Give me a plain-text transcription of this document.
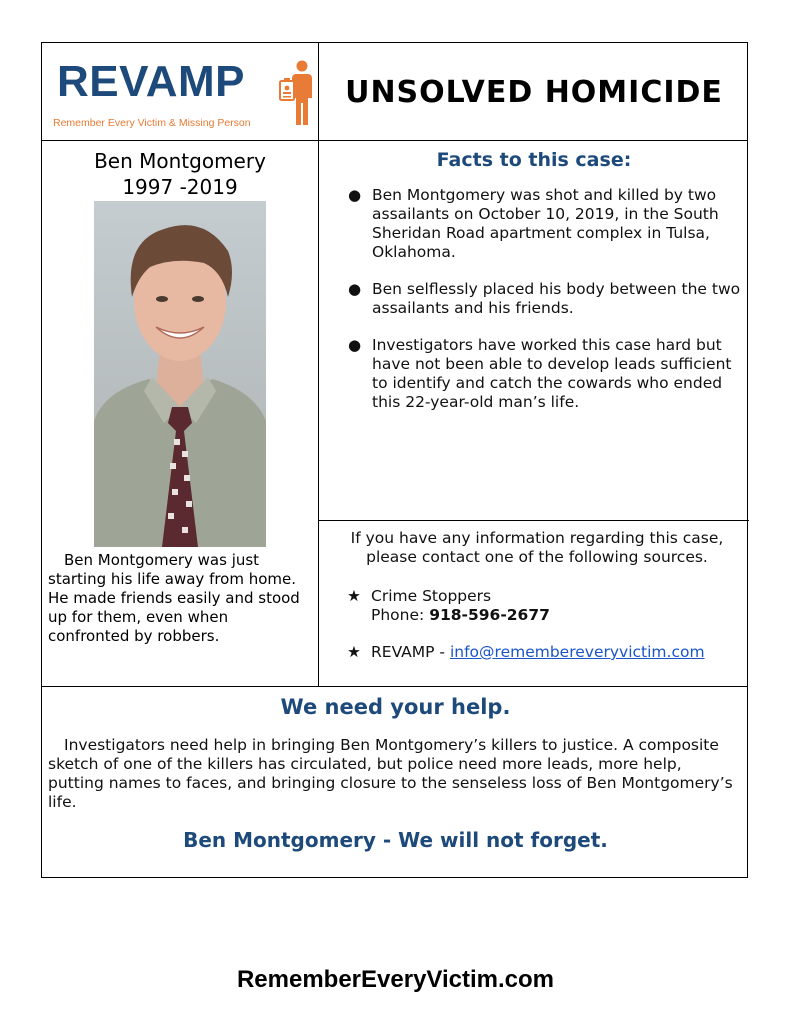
REVAMP
Remember Every Victim & Missing Person
UNSOLVED HOMICIDE
Ben Montgomery
1997 -2019
Ben Montgomery was just starting his life away from home. He made friends easily and stood up for them, even when confronted by robbers.
Facts to this case:
● Ben Montgomery was shot and killed by two assailants on October 10, 2019, in the South Sheridan Road apartment complex in Tulsa, Oklahoma.
● Ben selflessly placed his body between the two assailants and his friends.
● Investigators have worked this case hard but have not been able to develop leads sufficient to identify and catch the cowards who ended this 22-year-old man’s life.
If you have any information regarding this case, please contact one of the following sources.
★ Crime Stoppers
Phone: 918-596-2677
★ REVAMP - info@remembereveryvictim.com
We need your help.
Investigators need help in bringing Ben Montgomery’s killers to justice. A composite sketch of one of the killers has circulated, but police need more leads, more help, putting names to faces, and bringing closure to the senseless loss of Ben Montgomery’s life.
Ben Montgomery - We will not forget.
RememberEveryVictim.com
